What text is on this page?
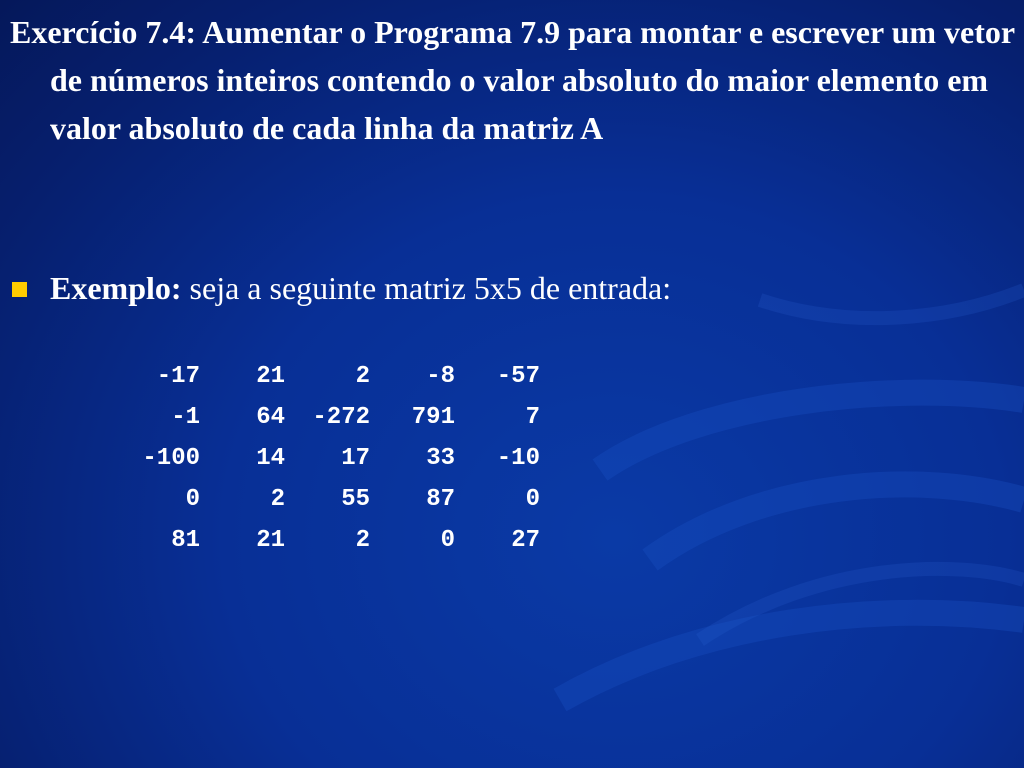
Exercício 7.4: Aumentar o Programa 7.9 para montar e escrever um vetor de números inteiros contendo o valor absoluto do maior elemento em valor absoluto de cada linha da matriz A

Exemplo: seja a seguinte matriz 5x5 de entrada:
-17	21	2	-8	-57
-1	64	-272	791	7
-100	14	17	33	-10
0	2	55	87	0
81	21	2	0	27
